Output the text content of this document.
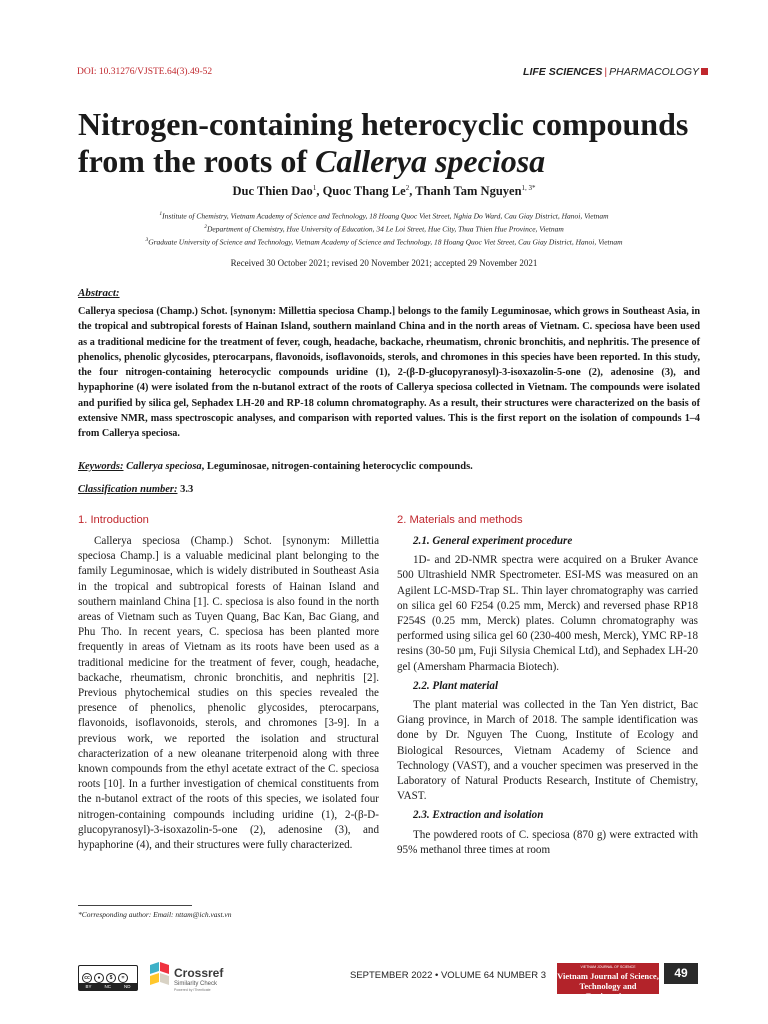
DOI: 10.31276/VJSTE.64(3).49-52	LIFE SCIENCES | PHARMACOLOGY
Nitrogen-containing heterocyclic compounds
from the roots of Callerya speciosa
Duc Thien Dao$^1$, Quoc Thang Le$^2$, Thanh Tam Nguyen$^{1, 3*}$
$^1$Institute of Chemistry, Vietnam Academy of Science and Technology, 18 Hoang Quoc Viet Street, Nghia Do Ward, Cau Giay District, Hanoi, Vietnam
$^2$Department of Chemistry, Hue University of Education, 34 Le Loi Street, Hue City, Thua Thien Hue Province, Vietnam
$^3$Graduate University of Science and Technology, Vietnam Academy of Science and Technology, 18 Hoang Quoc Viet Street, Cau Giay District, Hanoi, Vietnam
Received 30 October 2021; revised 20 November 2021; accepted 29 November 2021
Abstract:
Callerya speciosa (Champ.) Schot. [synonym: Millettia speciosa Champ.] belongs to the family Leguminosae, which grows in Southeast Asia, in the tropical and subtropical forests of Hainan Island, southern mainland China and in the north areas of Vietnam. C. speciosa have been used as a traditional medicine for the treatment of fever, cough, headache, backache, rheumatism, chronic bronchitis, and nephritis. The presence of phenolics, phenolic glycosides, pterocarpans, flavonoids, isoflavonoids, sterols, and chromones in this species have been reported. In this study, the four nitrogen-containing heterocyclic compounds uridine (1), 2-(β-D-glucopyranosyl)-3-isoxazolin-5-one (2), adenosine (3), and hypaphorine (4) were isolated from the n-butanol extract of the roots of Callerya speciosa collected in Vietnam. The compounds were isolated and purified by silica gel, Sephadex LH-20 and RP-18 column chromatography. As a result, their structures were characterized on the basis of extensive NMR, mass spectroscopic analyses, and comparison with reported values. This is the first report on the isolation of compounds 1–4 from Callerya speciosa.
Keywords: Callerya speciosa, Leguminosae, nitrogen-containing heterocyclic compounds.
Classification number: 3.3
1. Introduction
Callerya speciosa (Champ.) Schot. [synonym: Millettia speciosa Champ.] is a valuable medicinal plant belonging to the family Leguminosae, which is widely distributed in Southeast Asia in the tropical and subtropical forests of Hainan Island and southern mainland China [1]. C. speciosa is also found in the north areas of Vietnam such as Tuyen Quang, Bac Kan, Bac Giang, and Phu Tho. In recent years, C. speciosa has been planted more frequently in areas of Vietnam as its roots have been used as a traditional medicine for the treatment of fever, cough, headache, backache, rheumatism, chronic bronchitis, and nephritis [2]. Previous phytochemical studies on this species revealed the presence of phenolics, phenolic glycosides, pterocarpans, flavonoids, isoflavonoids, sterols, and chromones [3-9]. In a previous work, we reported the isolation and structural characterization of a new oleanane triterpenoid along with three known compounds from the ethyl acetate extract of the C. speciosa roots [10]. In a further investigation of chemical constituents from the n-butanol extract of the roots of this species, we isolated four nitrogen-containing compounds including uridine (1), 2-(β-D-glucopyranosyl)-3-isoxazolin-5-one (2), adenosine (3), and hypaphorine (4), and their structures were fully characterized.
2. Materials and methods
2.1. General experiment procedure
1D- and 2D-NMR spectra were acquired on a Bruker Avance 500 Ultrashield NMR Spectrometer. ESI-MS was measured on an Agilent LC-MSD-Trap SL. Thin layer chromatography was carried on silica gel 60 F254 (0.25 mm, Merck) and reversed phase RP18 F254S (0.25 mm, Merck) plates. Column chromatography was performed using silica gel 60 (230-400 mesh, Merck), YMC RP-18 resins (30-50 µm, Fuji Silysia Chemical Ltd), and Sephadex LH-20 gel (Amersham Pharmacia Biotech).
2.2. Plant material
The plant material was collected in the Tan Yen district, Bac Giang province, in March of 2018. The sample identification was done by Dr. Nguyen The Cuong, Institute of Ecology and Biological Resources, Vietnam Academy of Science and Technology (VAST), and a voucher specimen was preserved in the Laboratory of Natural Products Research, Institute of Chemistry, VAST.
2.3. Extraction and isolation
The powdered roots of C. speciosa (870 g) were extracted with 95% methanol three times at room
*Corresponding author: Email: nttam@ich.vast.vn
cc	●	$	=
BY	NC	ND
Crossref
Similarity Check
Powered by iThenticate
SEPTEMBER 2022 • VOLUME 64 NUMBER 3
VIETNAM JOURNAL OF SCIENCE
Vietnam Journal of Science,
Technology and Engineering
49
